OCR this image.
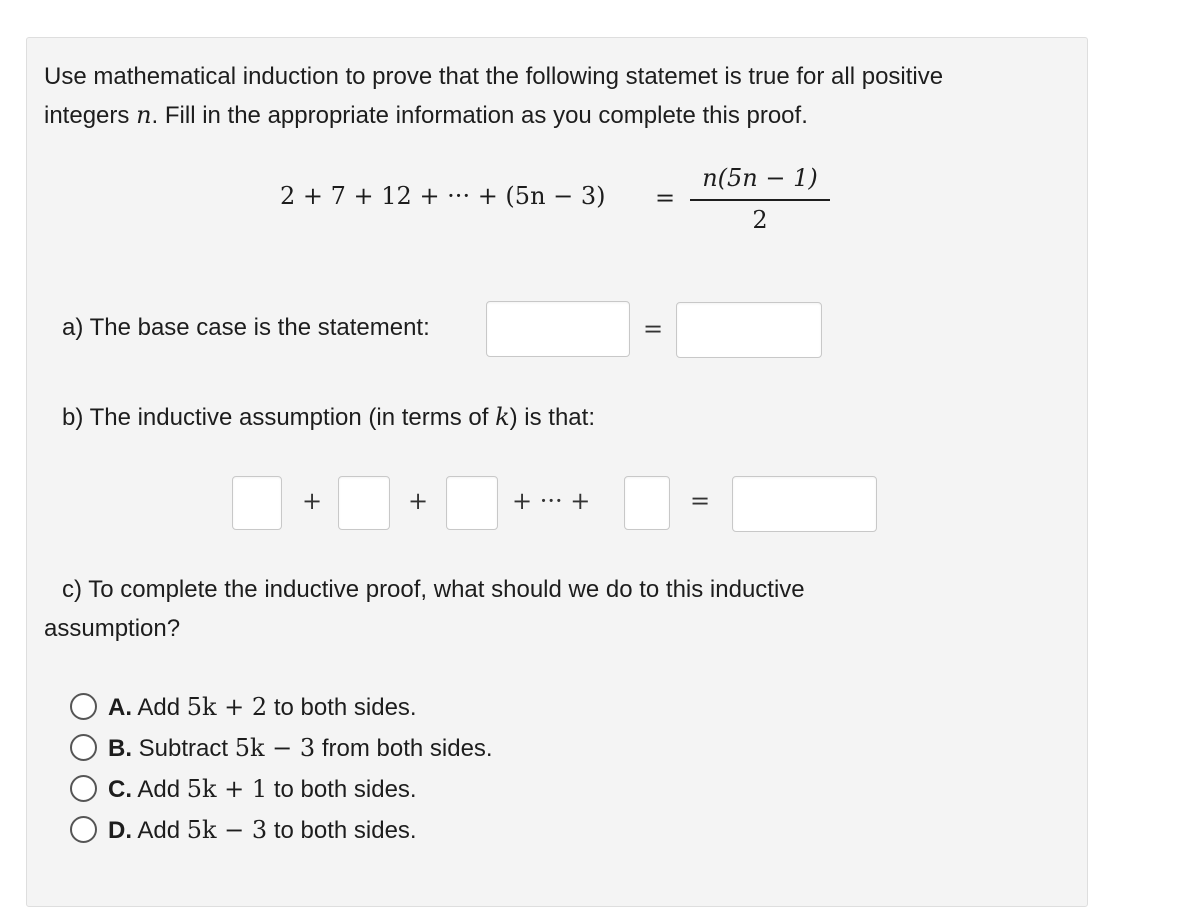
Use mathematical induction to prove that the following statemet is true for all positive
integers n. Fill in the appropriate information as you complete this proof.
2 + 7 + 12 + ··· + (5n − 3) =
n(5n − 1)
2
a) The base case is the statement:	=
b) The inductive assumption (in terms of k) is that:
+	+	+ ··· +	=
c) To complete the inductive proof, what should we do to this inductive
assumption?
A. Add 5k + 2 to both sides.
B. Subtract 5k − 3 from both sides.
C. Add 5k + 1 to both sides.
D. Add 5k − 3 to both sides.
